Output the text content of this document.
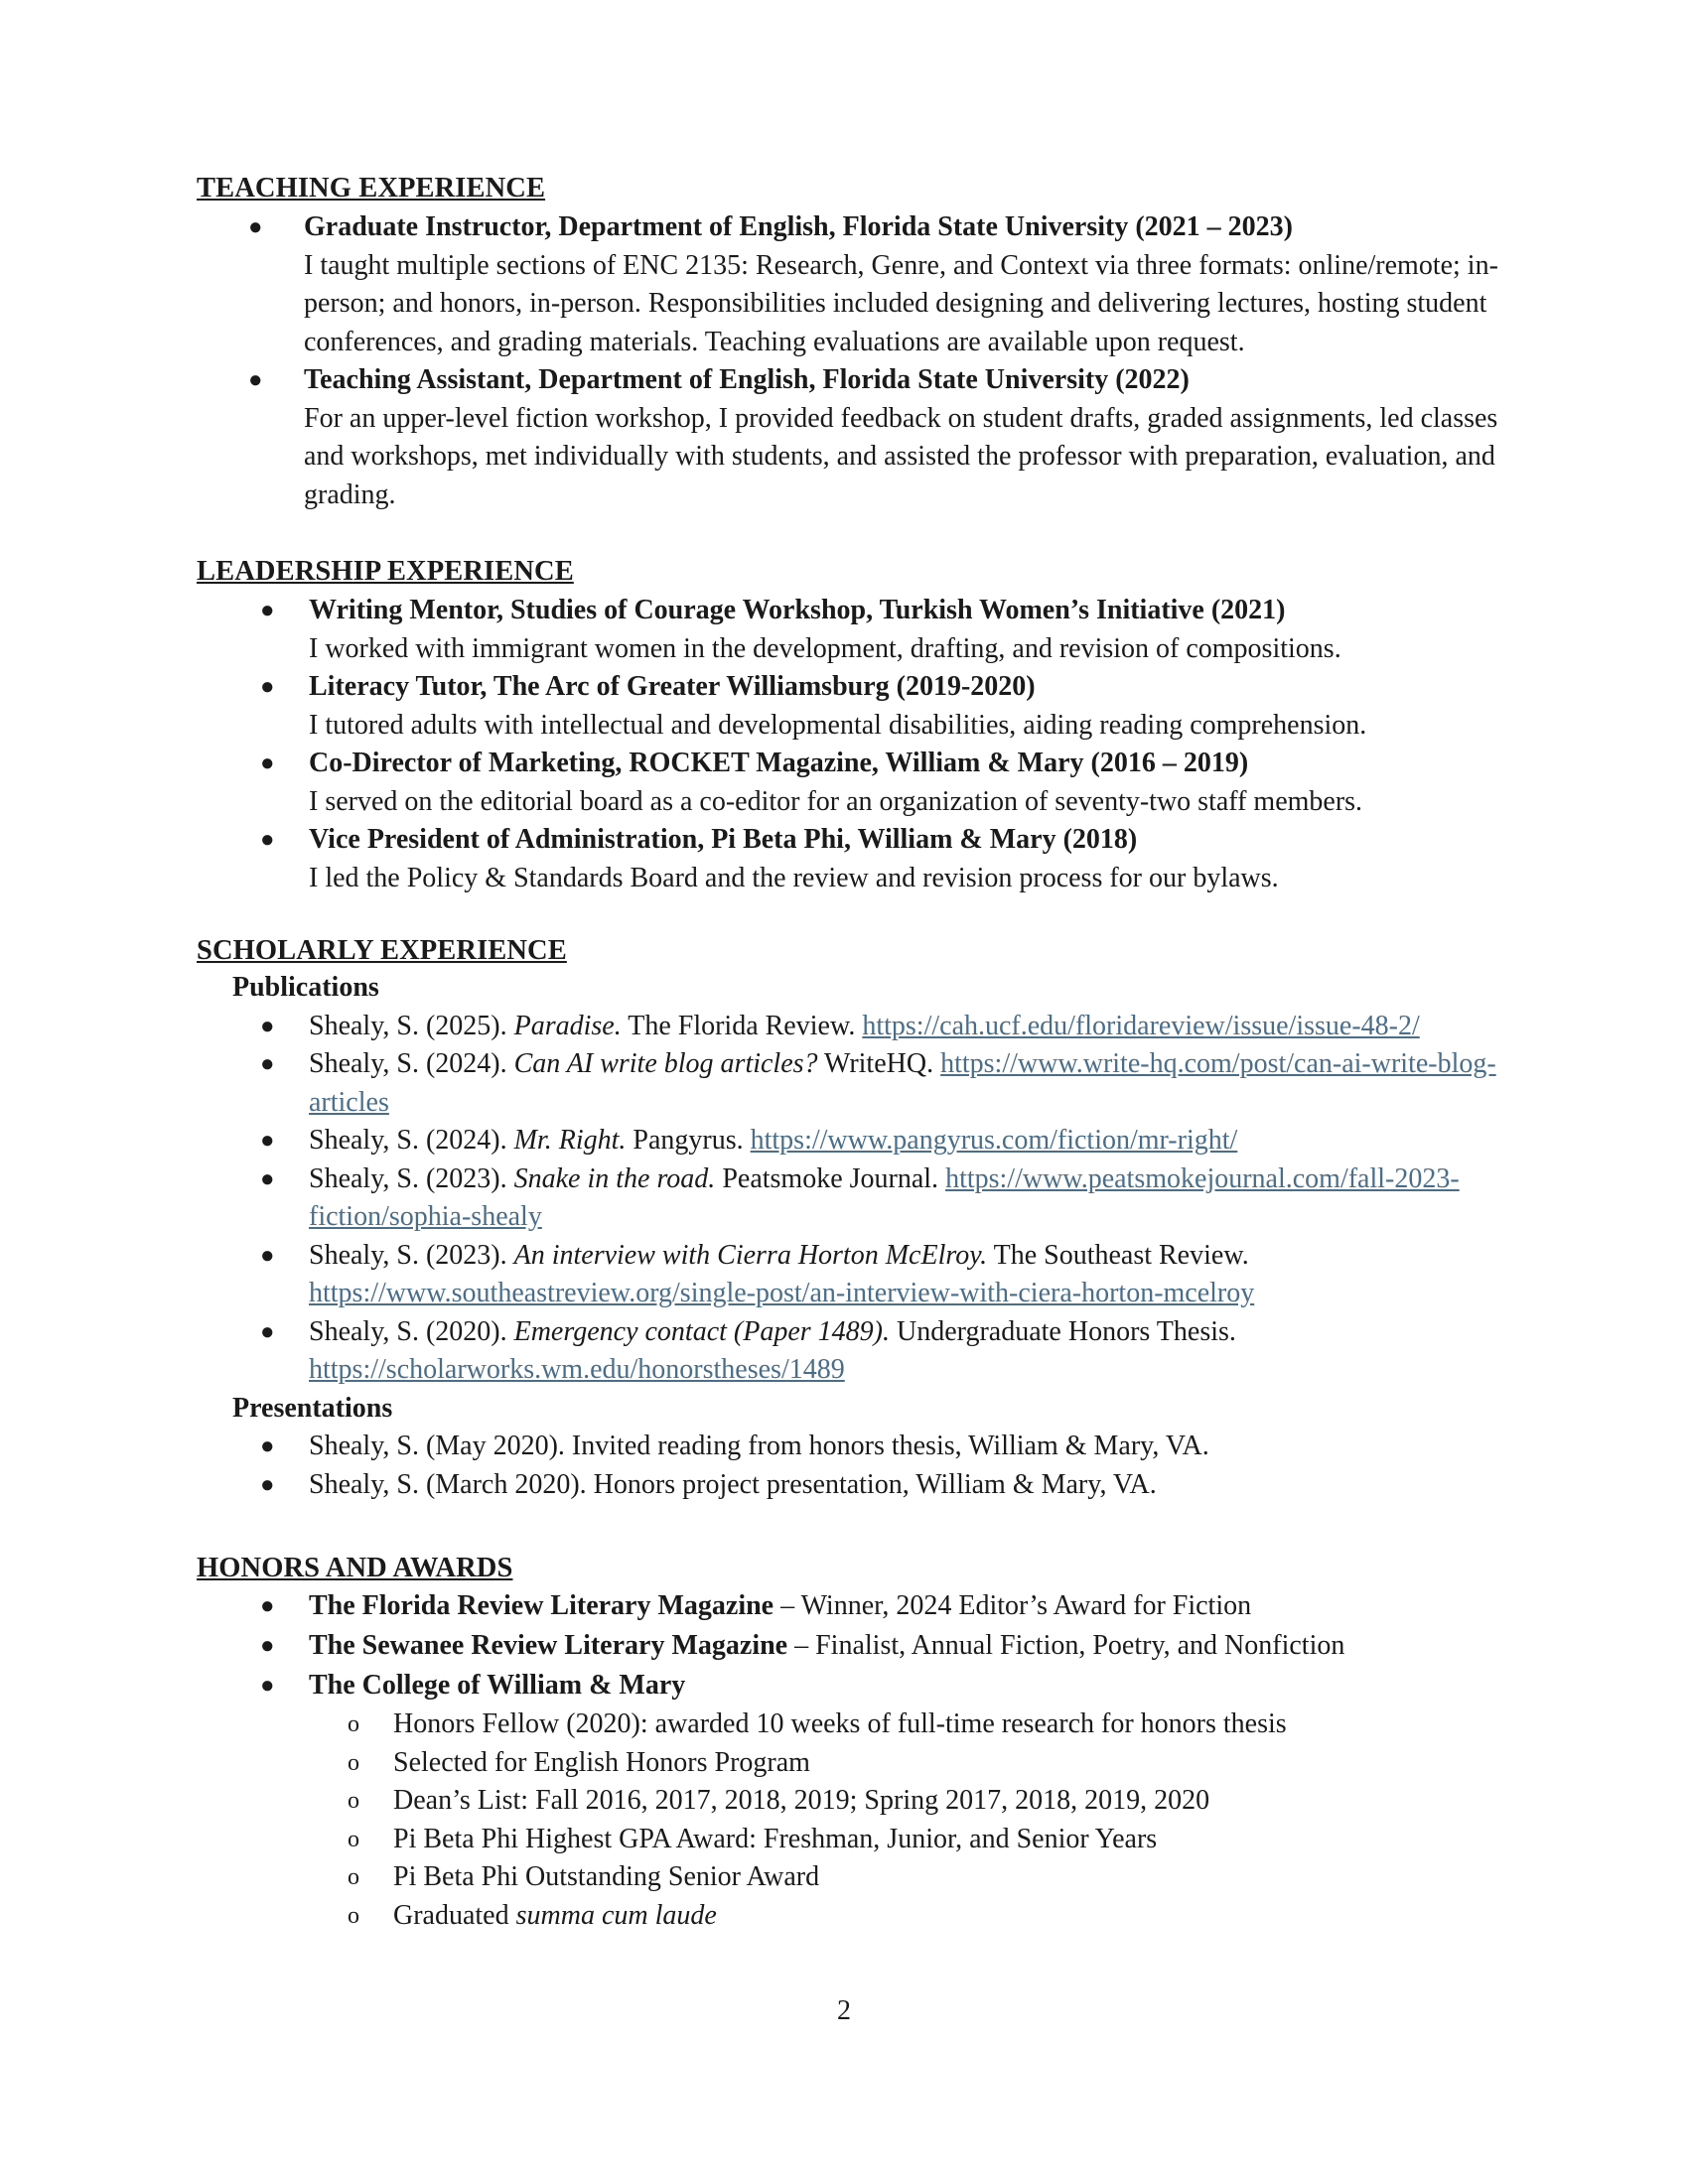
TEACHING EXPERIENCE
● Graduate Instructor, Department of English, Florida State University (2021 – 2023)
I taught multiple sections of ENC 2135: Research, Genre, and Context via three formats: online/remote; in-person; and honors, in-person. Responsibilities included designing and delivering lectures, hosting student conferences, and grading materials. Teaching evaluations are available upon request.
● Teaching Assistant, Department of English, Florida State University (2022)
For an upper-level fiction workshop, I provided feedback on student drafts, graded assignments, led classes and workshops, met individually with students, and assisted the professor with preparation, evaluation, and grading.
LEADERSHIP EXPERIENCE
● Writing Mentor, Studies of Courage Workshop, Turkish Women’s Initiative (2021)
I worked with immigrant women in the development, drafting, and revision of compositions.
● Literacy Tutor, The Arc of Greater Williamsburg (2019-2020)
I tutored adults with intellectual and developmental disabilities, aiding reading comprehension.
● Co-Director of Marketing, ROCKET Magazine, William & Mary (2016 – 2019)
I served on the editorial board as a co-editor for an organization of seventy-two staff members.
● Vice President of Administration, Pi Beta Phi, William & Mary (2018)
I led the Policy & Standards Board and the review and revision process for our bylaws.
SCHOLARLY EXPERIENCE
Publications
● Shealy, S. (2025). Paradise. The Florida Review. https://cah.ucf.edu/floridareview/issue/issue-48-2/
● Shealy, S. (2024). Can AI write blog articles? WriteHQ. https://www.write-hq.com/post/can-ai-write-blog-articles
● Shealy, S. (2024). Mr. Right. Pangyrus. https://www.pangyrus.com/fiction/mr-right/
● Shealy, S. (2023). Snake in the road. Peatsmoke Journal. https://www.peatsmokejournal.com/fall-2023-fiction/sophia-shealy
● Shealy, S. (2023). An interview with Cierra Horton McElroy. The Southeast Review.
https://www.southeastreview.org/single-post/an-interview-with-ciera-horton-mcelroy
● Shealy, S. (2020). Emergency contact (Paper 1489). Undergraduate Honors Thesis.
https://scholarworks.wm.edu/honorstheses/1489
Presentations
● Shealy, S. (May 2020). Invited reading from honors thesis, William & Mary, VA.
● Shealy, S. (March 2020). Honors project presentation, William & Mary, VA.
HONORS AND AWARDS
● The Florida Review Literary Magazine – Winner, 2024 Editor’s Award for Fiction
● The Sewanee Review Literary Magazine – Finalist, Annual Fiction, Poetry, and Nonfiction
● The College of William & Mary
o Honors Fellow (2020): awarded 10 weeks of full-time research for honors thesis
o Selected for English Honors Program
o Dean’s List: Fall 2016, 2017, 2018, 2019; Spring 2017, 2018, 2019, 2020
o Pi Beta Phi Highest GPA Award: Freshman, Junior, and Senior Years
o Pi Beta Phi Outstanding Senior Award
o Graduated summa cum laude
2
